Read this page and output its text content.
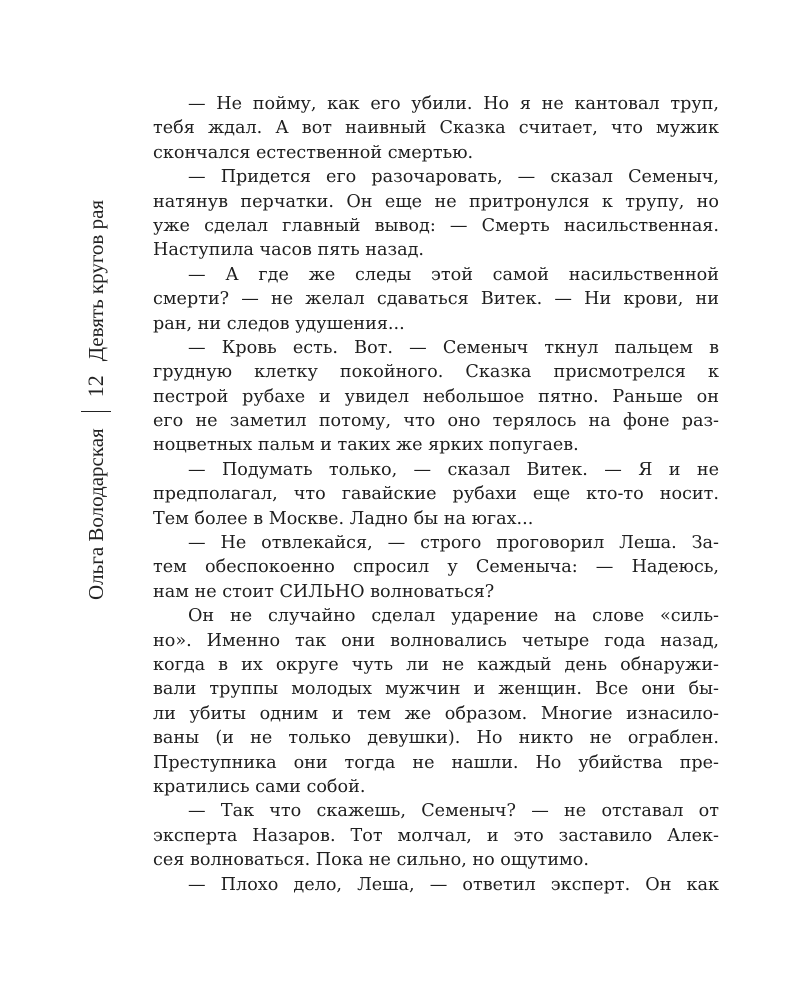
Ольга Володарская
12
Девять кругов рая
— Не пойму, как его убили. Но я не кантовал труп,
тебя ждал. А вот наивный Сказка считает, что мужик
скончался естественной смертью.
— Придется его разочаровать, — сказал Семеныч,
натянув перчатки. Он еще не притронулся к трупу, но
уже сделал главный вывод: — Смерть насильственная.
Наступила часов пять назад.
— А где же следы этой самой насильственной
смерти? — не желал сдаваться Витек. — Ни крови, ни
ран, ни следов удушения...
— Кровь есть. Вот. — Семеныч ткнул пальцем в
грудную клетку покойного. Сказка присмотрелся к
пестрой рубахе и увидел небольшое пятно. Раньше он
его не заметил потому, что оно терялось на фоне раз-
ноцветных пальм и таких же ярких попугаев.
— Подумать только, — сказал Витек. — Я и не
предполагал, что гавайские рубахи еще кто-то носит.
Тем более в Москве. Ладно бы на югах...
— Не отвлекайся, — строго проговорил Леша. За-
тем обеспокоенно спросил у Семеныча: — Надеюсь,
нам не стоит СИЛЬНО волноваться?
Он не случайно сделал ударение на слове «силь-
но». Именно так они волновались четыре года назад,
когда в их округе чуть ли не каждый день обнаружи-
вали труппы молодых мужчин и женщин. Все они бы-
ли убиты одним и тем же образом. Многие изнасило-
ваны (и не только девушки). Но никто не ограблен.
Преступника они тогда не нашли. Но убийства пре-
кратились сами собой.
— Так что скажешь, Семеныч? — не отставал от
эксперта Назаров. Тот молчал, и это заставило Алек-
сея волноваться. Пока не сильно, но ощутимо.
— Плохо дело, Леша, — ответил эксперт. Он как
